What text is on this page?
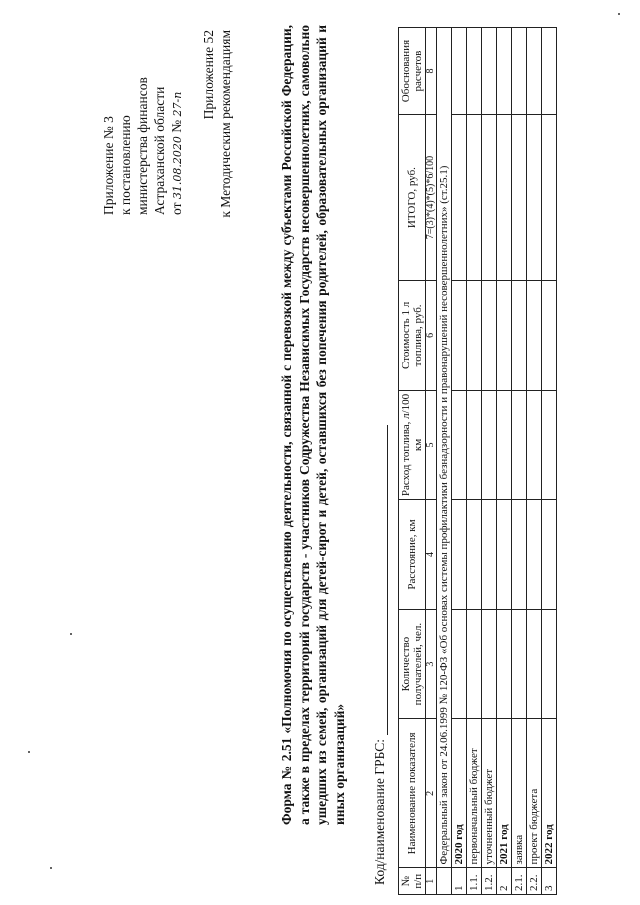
Приложение № 3 к постановлению министерства финансов Астраханской области от 31.08.2020 № 27-п Приложение 52 к Методическим рекомендациям	Форма № 2.51 «Полномочия по осуществлению деятельности, связанной с перевозкой между субъектами Российской Федерации, а также в пределах территорий государств - участников Содружества Независимых Государств несовершеннолетних, самовольно ушедших из семей, организаций для детей-сирот и детей, оставшихся без попечения родителей, образовательных организаций и иных организаций» Код/наименование ГРБС: № п/п	Наименование показателя	Количество получателей, чел.	Расстояние, км	Расход топлива, л/100 км	Стоимость 1 л топлива, руб.	ИТОГО, руб.	Обоснования расчетов
1	2	3	4	5	6	7=(3)*(4)*(5)*6/100	8
	Федеральный закон от 24.06.1999 № 120-ФЗ «Об основах системы профилактики безнадзорности и правонарушений несовершеннолетних» (ст.25.1)						
1	2020 год						
1.1.	первоначальный бюджет						
1.2.	уточненный бюджет						
2	2021 год						
2.1.	заявка						
2.2.	проект бюджета						
3	2022 год						
